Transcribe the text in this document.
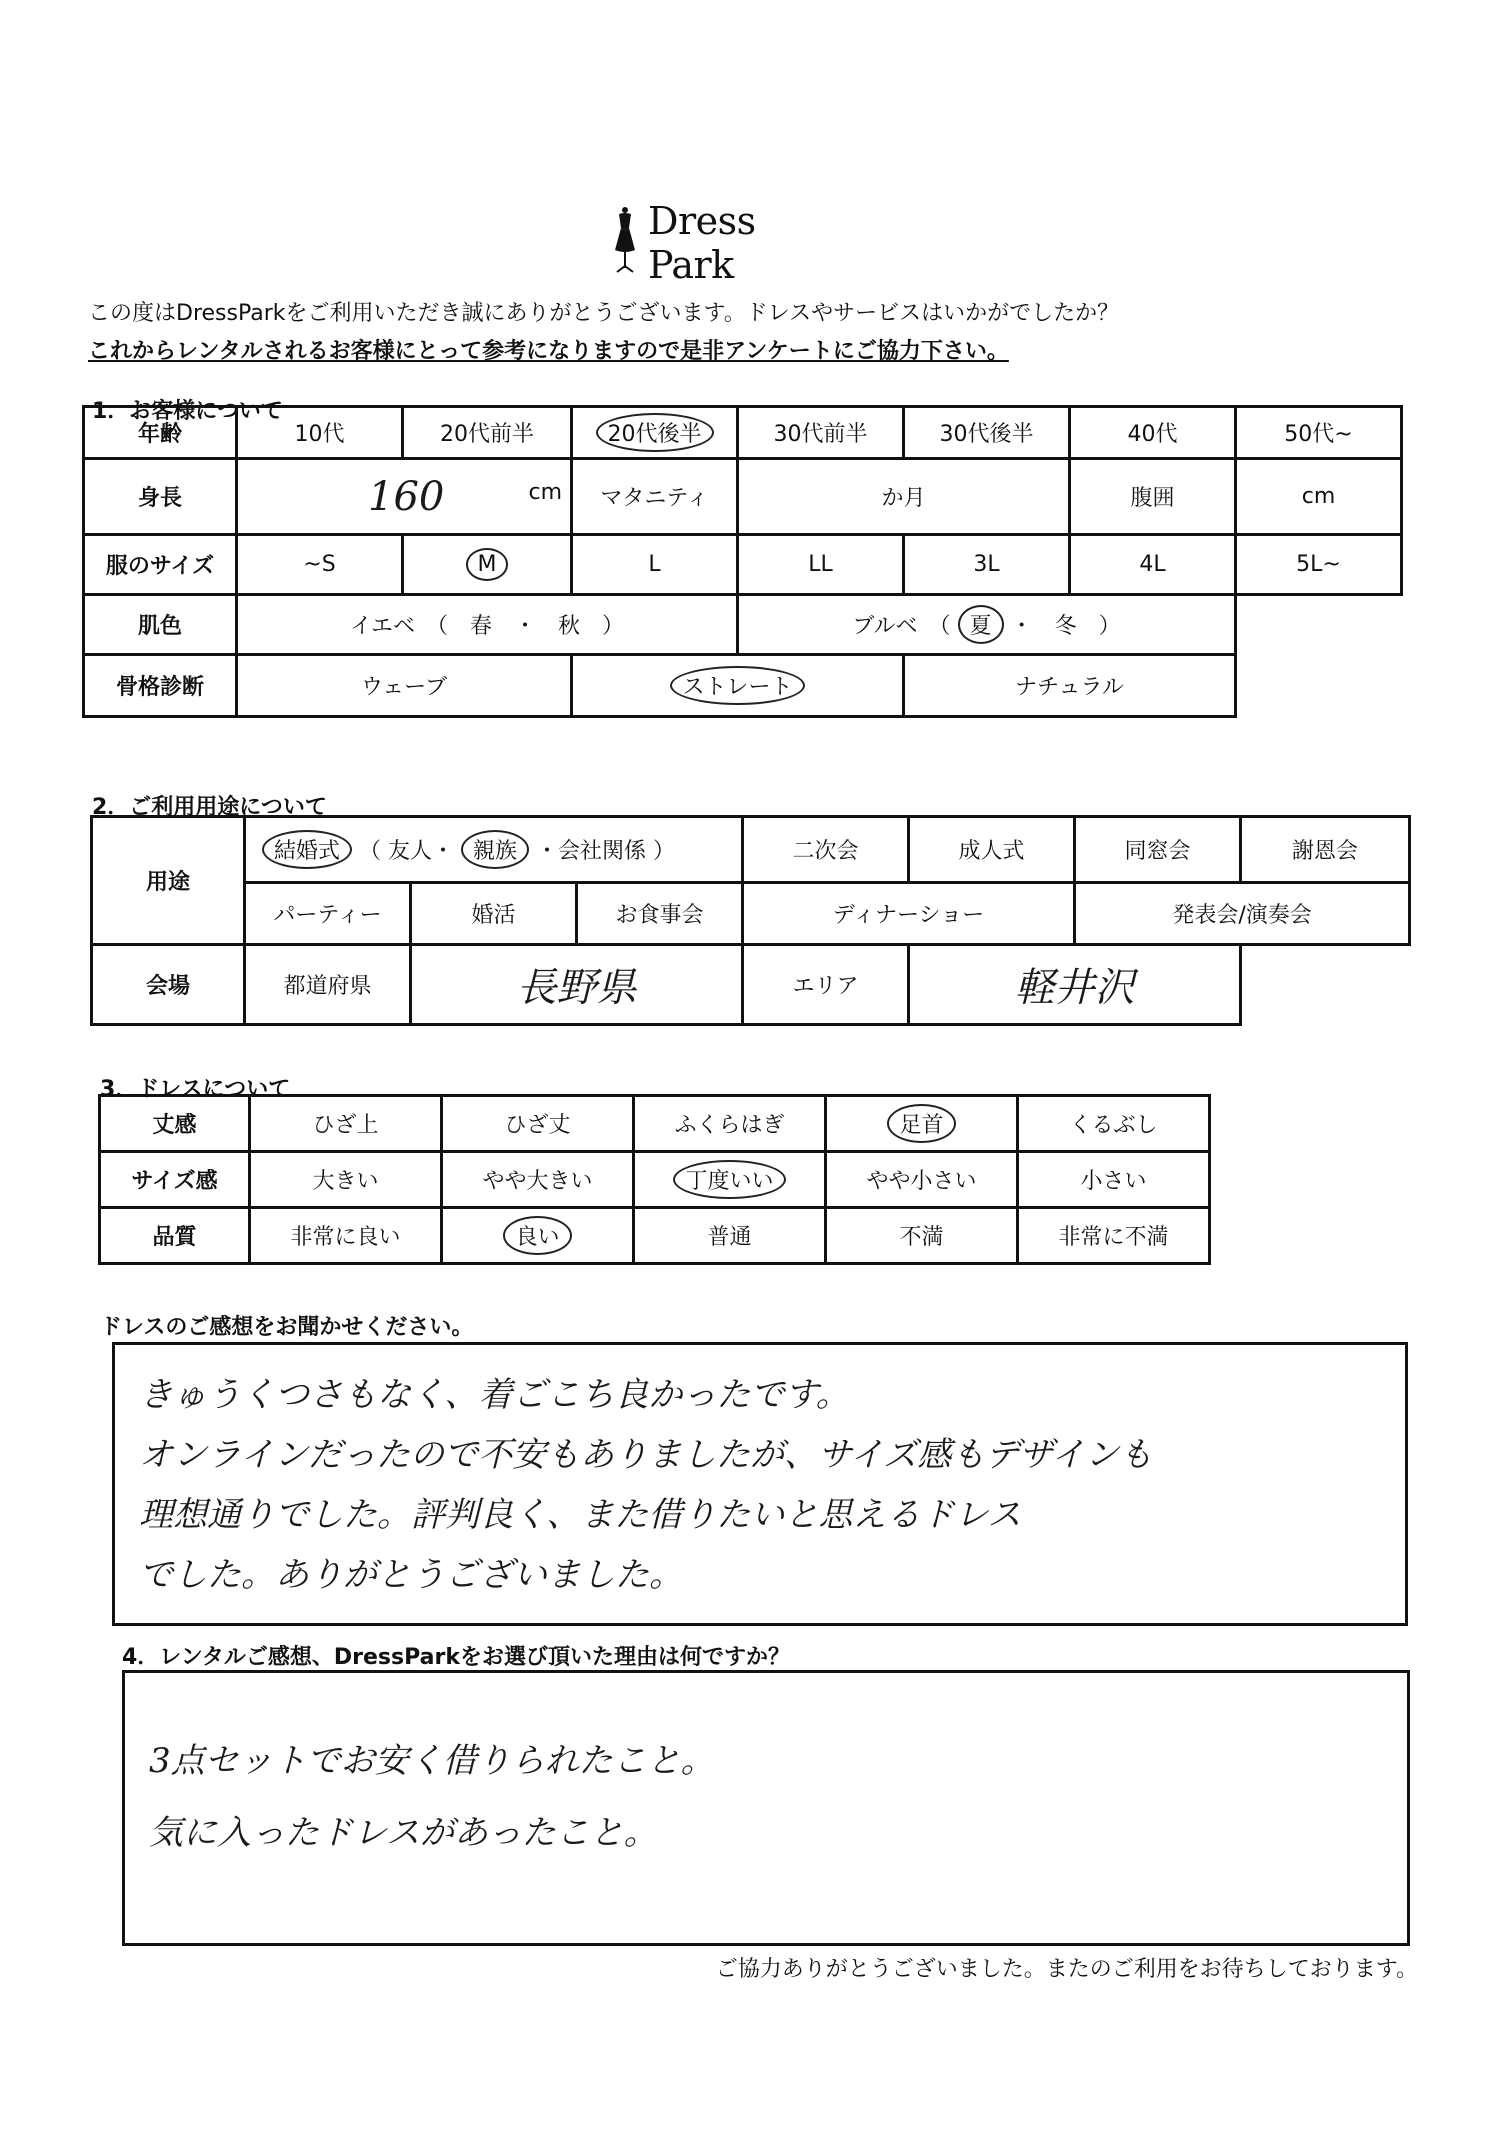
Dress Park
この度はDressParkをご利用いただき誠にありがとうございます。ドレスやサービスはいかがでしたか？
これからレンタルされるお客様にとって参考になりますので是非アンケートにご協力下さい。
1．お客様について
年齢	10代	20代前半	20代後半	30代前半	30代後半	40代	50代~
身長	160 cm		マタニティ	か月		腹囲	cm
服のサイズ	~S	M	L	LL	3L	4L	5L~
肌色	イエベ　（　春　・　秋　）			ブルベ　（ 夏 ・　冬　）			
骨格診断	ウェーブ		ストレート		ナチュラル		
2．ご利用用途について
用途	結婚式 （ 友人・ 親族 ・会社関係 ）			二次会	成人式	同窓会	謝恩会
	パーティー	婚活	お食事会	ディナーショー		発表会/演奏会	
会場	都道府県	長野県		エリア	軽井沢		
3．ドレスについて
丈感	ひざ上	ひざ丈	ふくらはぎ	足首	くるぶし
サイズ感	大きい	やや大きい	丁度いい	やや小さい	小さい
品質	非常に良い	良い	普通	不満	非常に不満
ドレスのご感想をお聞かせください。
きゅうくつさもなく、着ごこち良かったです。
オンラインだったので不安もありましたが、サイズ感もデザインも
理想通りでした。評判良く、また借りたいと思えるドレス
でした。ありがとうございました。
4．レンタルご感想、DressParkをお選び頂いた理由は何ですか？
3点セットでお安く借りられたこと。
気に入ったドレスがあったこと。
ご協力ありがとうございました。またのご利用をお待ちしております。
